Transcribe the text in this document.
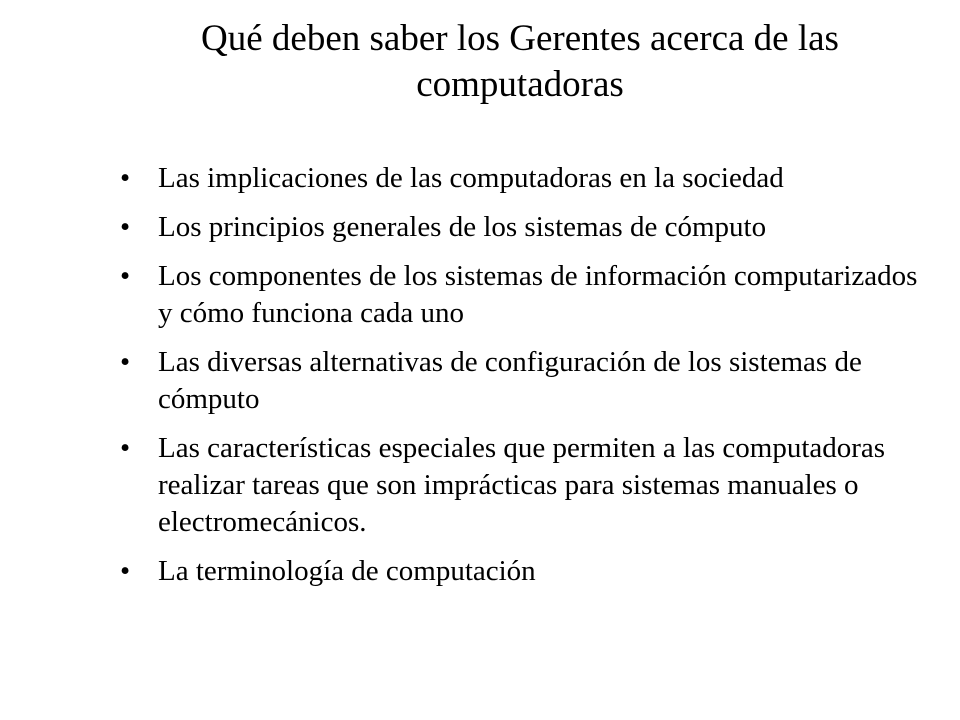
Qué deben saber los Gerentes acerca de las
computadoras
• Las implicaciones de las computadoras en la sociedad
• Los principios generales de los sistemas de cómputo
• Los componentes de los sistemas de información computarizados y cómo funciona cada uno
• Las diversas alternativas de configuración de los sistemas de cómputo
• Las características especiales que permiten a las computadoras realizar tareas que son imprácticas para sistemas manuales o electromecánicos.
• La terminología de computación
